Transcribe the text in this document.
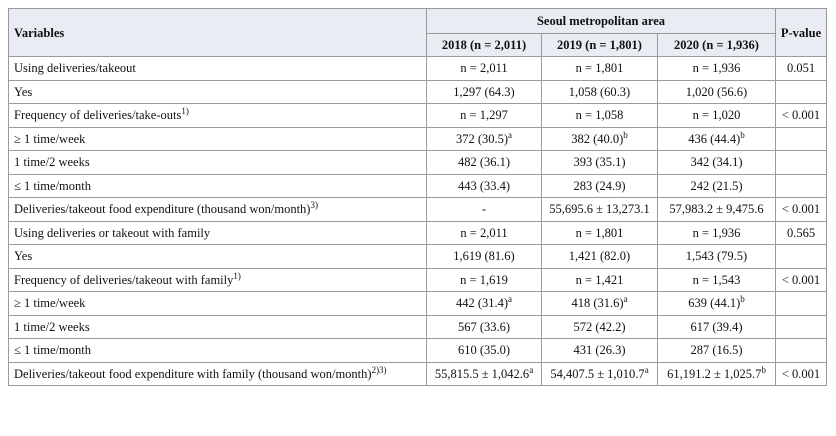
Variables	Seoul metropolitan area			P-value
	2018 (n = 2,011)	2019 (n = 1,801)	2020 (n = 1,936)	
Using deliveries/takeout	n = 2,011	n = 1,801	n = 1,936	0.051
Yes	1,297 (64.3)	1,058 (60.3)	1,020 (56.6)	
Frequency of deliveries/take-outs$^{1)}$	n = 1,297	n = 1,058	n = 1,020	< 0.001
≥ 1 time/week	372 $(30.5)^a$	382 $(40.0)^b$	436 $(44.4)^b$	
1 time/2 weeks	482 (36.1)	393 (35.1)	342 (34.1)	
≤ 1 time/month	443 (33.4)	283 (24.9)	242 (21.5)	
Deliveries/takeout food expenditure (thousand won/month)$^{3)}$	-	55,695.6 ± 13,273.1	57,983.2 ± 9,475.6	< 0.001
Using deliveries or takeout with family	n = 2,011	n = 1,801	n = 1,936	0.565
Yes	1,619 (81.6)	1,421 (82.0)	1,543 (79.5)	
Frequency of deliveries/takeout with family$^{1)}$	n = 1,619	n = 1,421	n = 1,543	< 0.001
≥ 1 time/week	442 $(31.4)^a$	418 $(31.6)^a$	639 $(44.1)^b$	
1 time/2 weeks	567 (33.6)	572 (42.2)	617 (39.4)	
≤ 1 time/month	610 (35.0)	431 (26.3)	287 (16.5)	
Deliveries/takeout food expenditure with family (thousand won/month)$^{2)3)}$	55,815.5 ± 1,042.6$^a$	54,407.5 ± 1,010.7$^a$	61,191.2 ± 1,025.7$^b$	< 0.001
